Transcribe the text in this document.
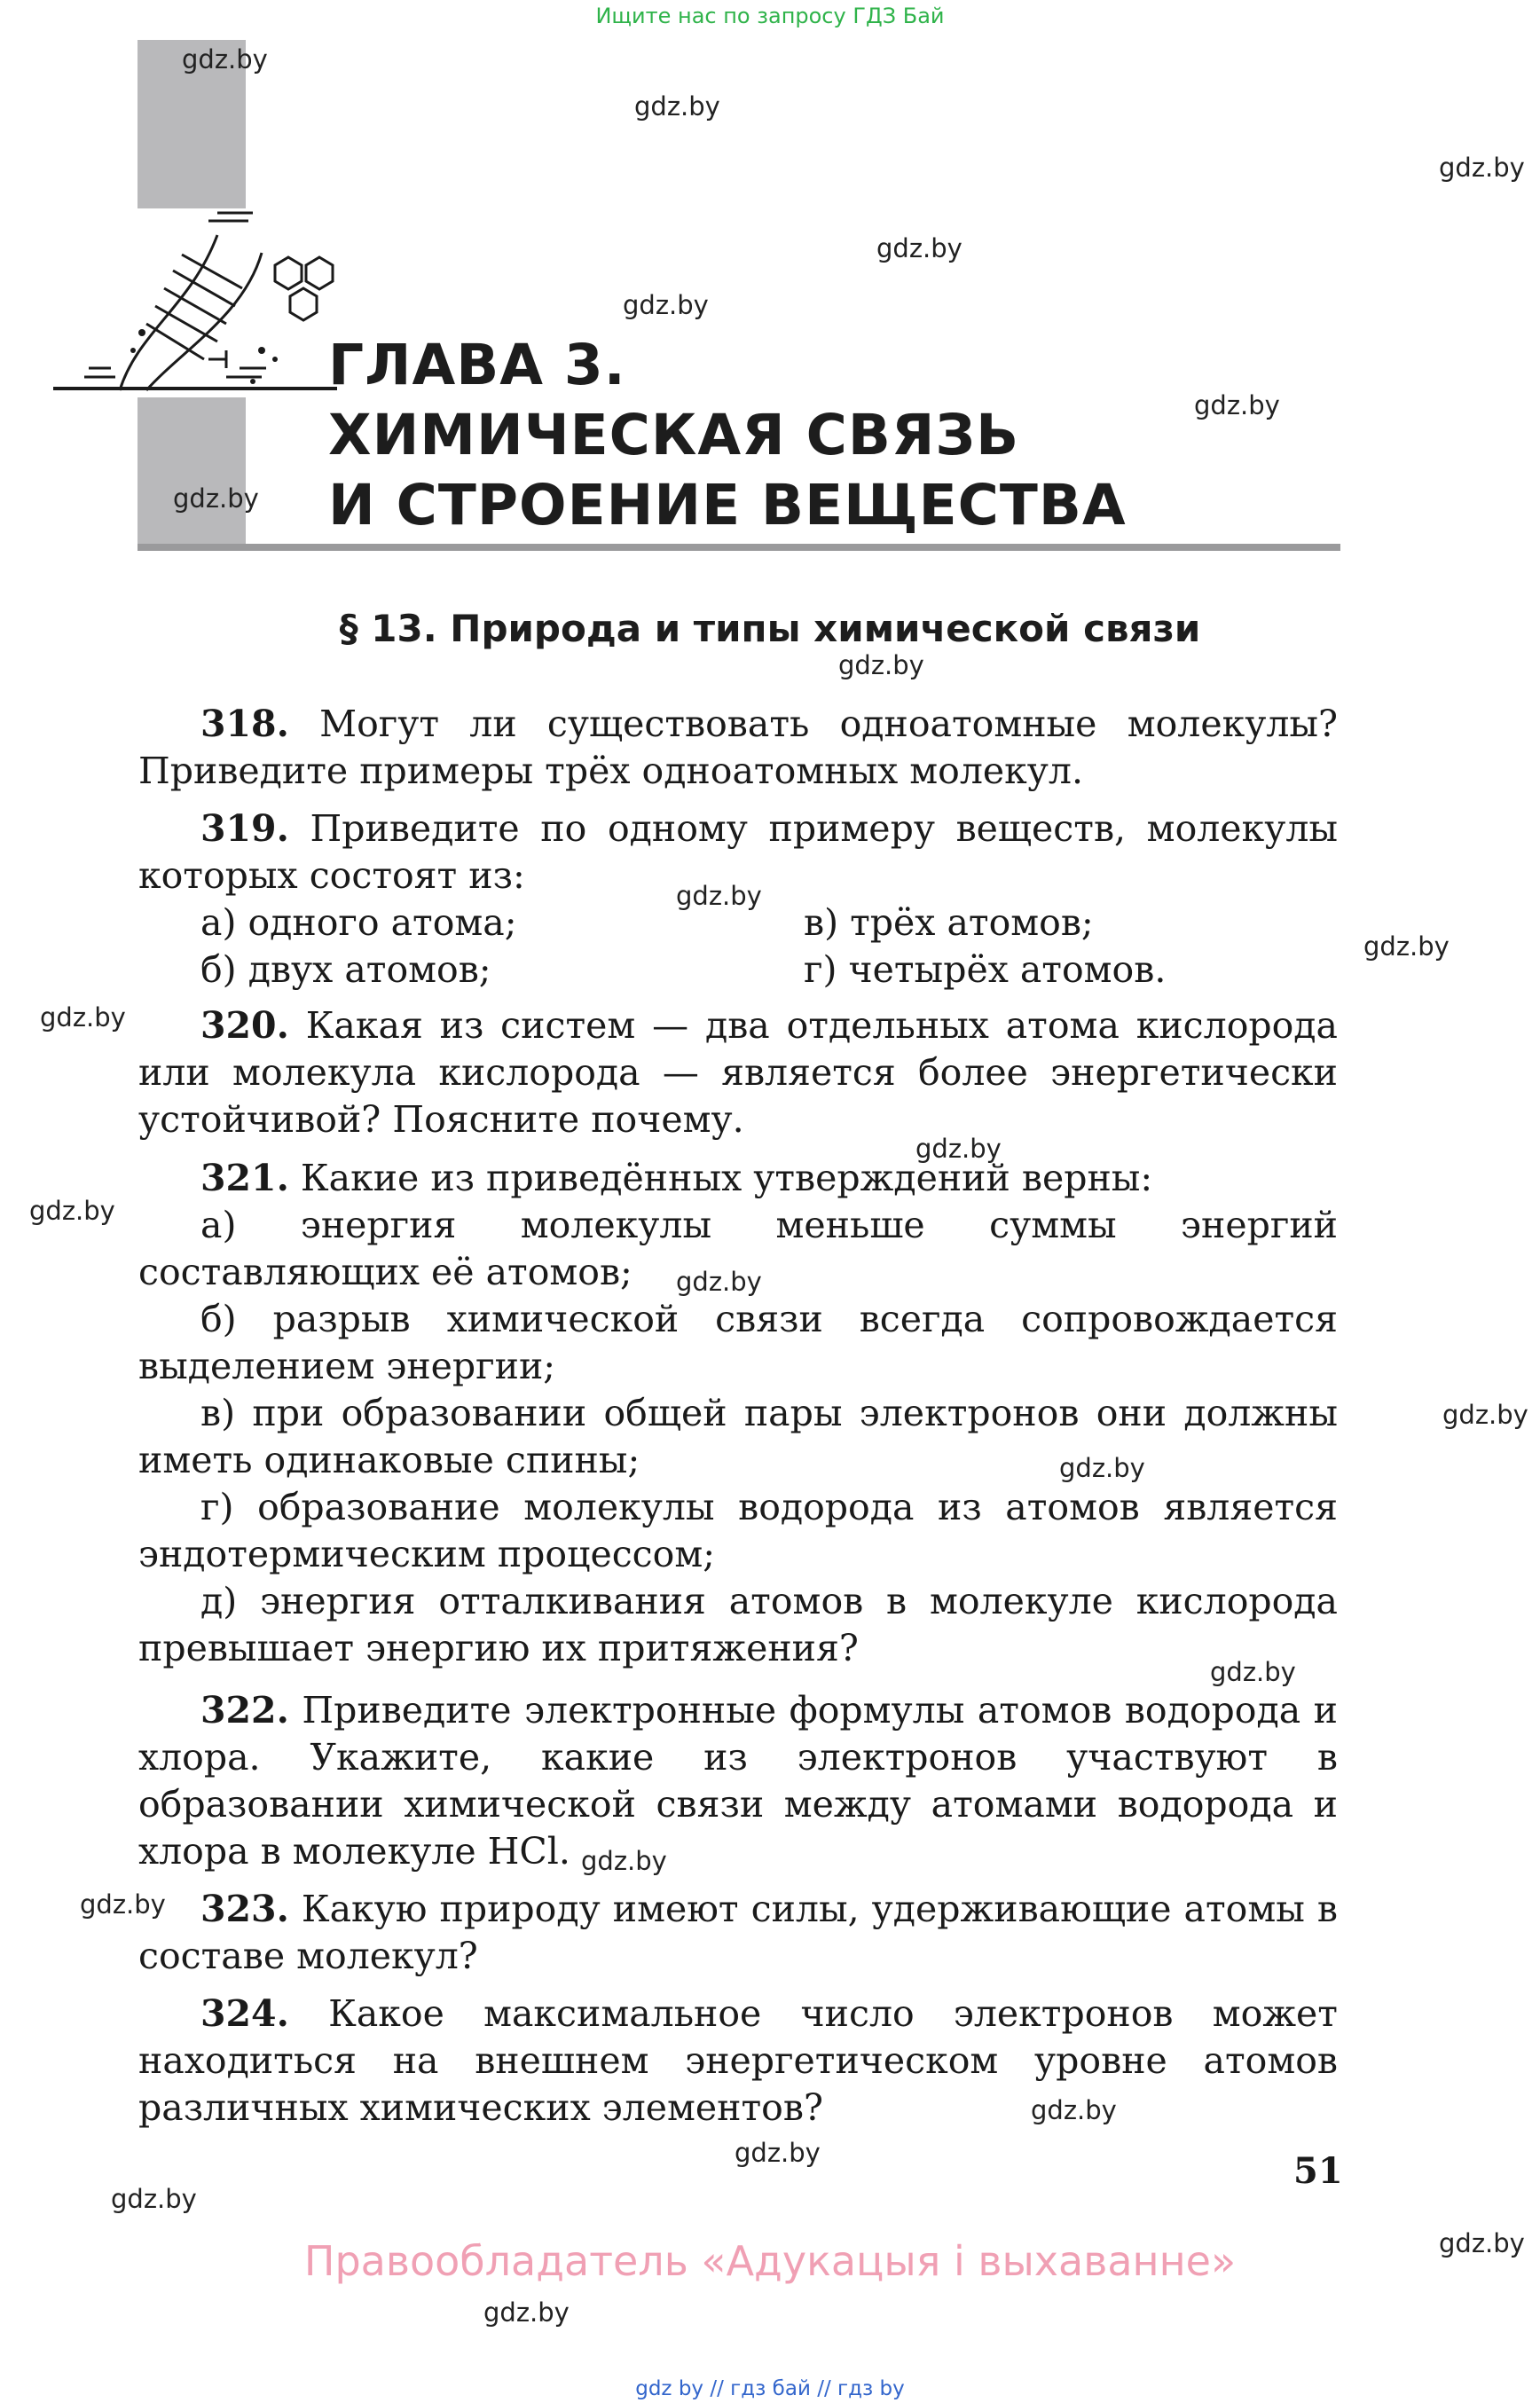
Ищите нас по запросу ГДЗ Бай
ГЛАВА 3.
ХИМИЧЕСКАЯ СВЯЗЬ
И СТРОЕНИЕ ВЕЩЕСТВА
§ 13. Природа и типы химической связи

318. Могут ли существовать одноатомные молекулы? Приведите примеры трёх одноатомных молекул.

319. Приведите по одному примеру веществ, молекулы которых состоят из:

а) одного атома;	в) трёх атомов;
б) двух атомов;	г) четырёх атомов.

320. Какая из систем — два отдельных атома кислорода или молекула кислорода — является более энергетически устойчивой? Поясните почему.

321. Какие из приведённых утверждений верны:

а) энергия молекулы меньше суммы энергий составляющих её атомов;

б) разрыв химической связи всегда сопровождается выделением энергии;

в) при образовании общей пары электронов они должны иметь одинаковые спины;

г) образование молекулы водорода из атомов является эндотермическим процессом;

д) энергия отталкивания атомов в молекуле кислорода превышает энергию их притяжения?

322. Приведите электронные формулы атомов водорода и хлора. Укажите, какие из электронов участвуют в образовании химической связи между атомами водорода и хлора в молекуле HCl.

323. Какую природу имеют силы, удерживающие атомы в составе молекул?

324. Какое максимальное число электронов может находиться на внешнем энергетическом уровне атомов различных химических элементов?

51
Правообладатель «Адукацыя і выхаванне»
gdz by // гдз бай // гдз by
gdz.by
gdz.by
gdz.by
gdz.by
gdz.by
gdz.by
gdz.by
gdz.by
gdz.by
gdz.by
gdz.by
gdz.by
gdz.by
gdz.by
gdz.by
gdz.by
gdz.by
gdz.by
gdz.by
gdz.by
gdz.by
gdz.by
gdz.by
gdz.by
